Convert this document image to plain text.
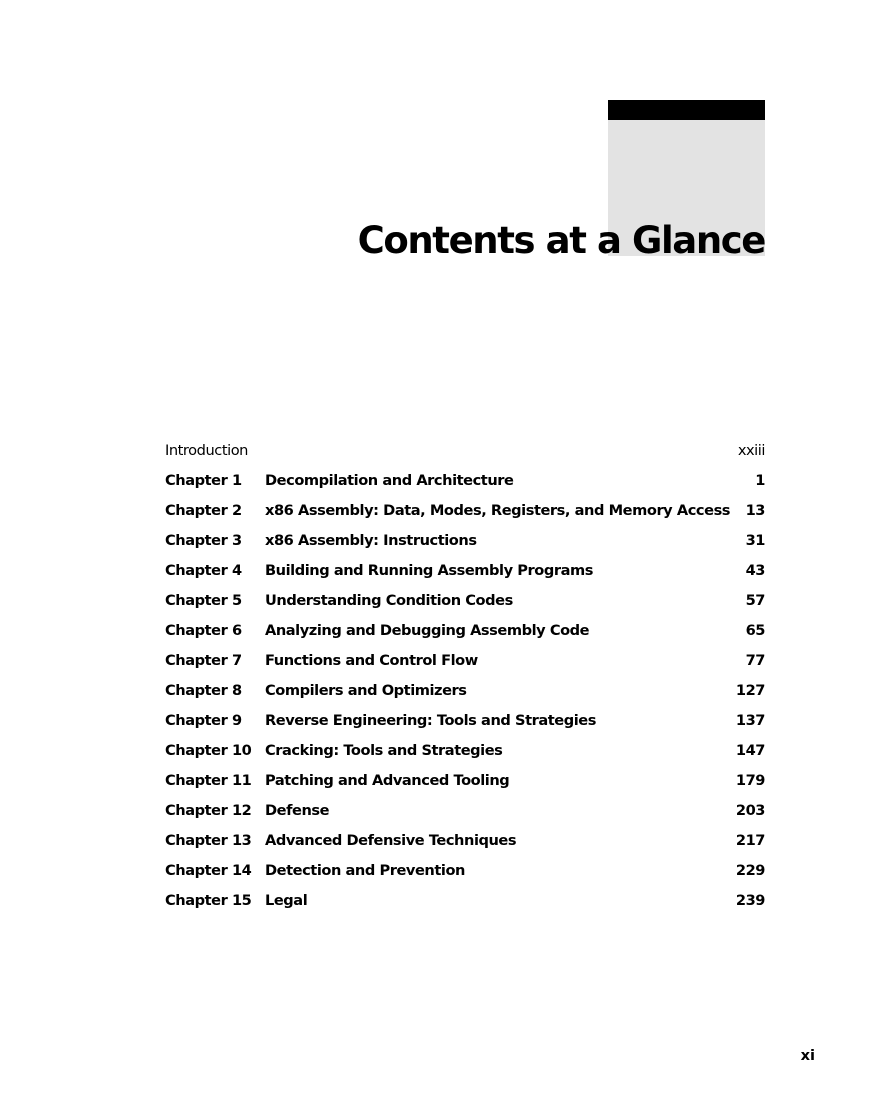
Contents at a Glance
Introduction	xxiii
Chapter 1 Decompilation and Architecture	1
Chapter 2 x86 Assembly: Data, Modes, Registers, and Memory Access 13
Chapter 3 x86 Assembly: Instructions	31
Chapter 4 Building and Running Assembly Programs	43
Chapter 5 Understanding Condition Codes	57
Chapter 6 Analyzing and Debugging Assembly Code	65
Chapter 7 Functions and Control Flow	77
Chapter 8 Compilers and Optimizers	127
Chapter 9 Reverse Engineering: Tools and Strategies	137
Chapter 10 Cracking: Tools and Strategies	147
Chapter 11 Patching and Advanced Tooling	179
Chapter 12 Defense	203
Chapter 13 Advanced Defensive Techniques	217
Chapter 14 Detection and Prevention	229
Chapter 15 Legal	239
xi
